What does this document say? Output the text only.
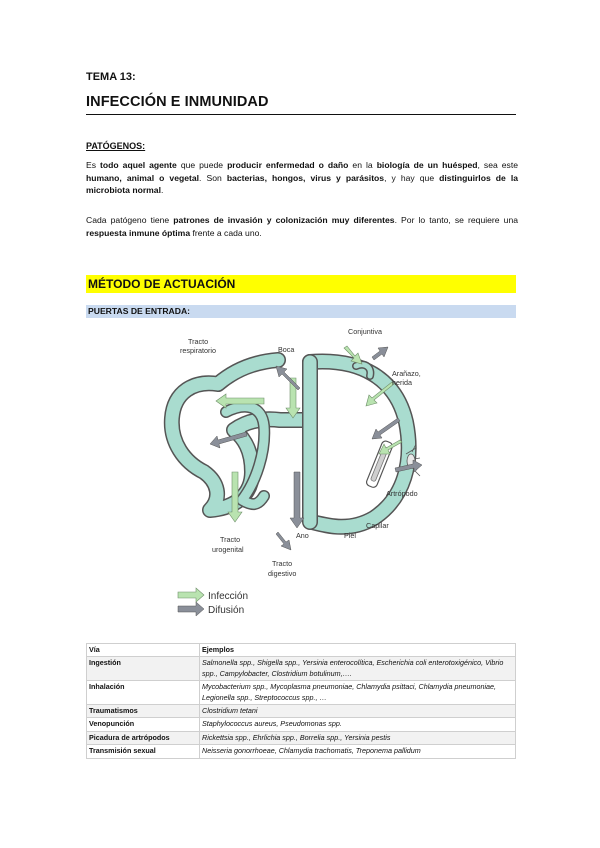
TEMA 13:
INFECCIÓN E INMUNIDAD
PATÓGENOS:
Es todo aquel agente que puede producir enfermedad o daño en la biología de un huésped, sea este humano, animal o vegetal. Son bacterias, hongos, virus y parásitos, y hay que distinguirlos de la microbiota normal.
Cada patógeno tiene patrones de invasión y colonización muy diferentes. Por lo tanto, se requiere una respuesta inmune óptima frente a cada uno.
MÉTODO DE ACTUACIÓN
PUERTAS DE ENTRADA:
Tracto
respiratorio	Boca
Conjuntiva
Arañazo,
herida
Artrópodo
Capilar
Piel
Ano
Tracto
urogenital
Tracto
digestivo
Infección
Difusión
Vía	Ejemplos
Ingestión	Salmonella spp., Shigella spp., Yersinia enterocolítica, Escherichia coli enterotoxigénico, Vibrio spp., Campylobacter, Clostridium botulinum,….
Inhalación	Mycobacterium spp., Mycoplasma pneumoniae, Chlamydia psittaci, Chlamydia pneumoniae, Legionella spp., Streptococcus spp., …
Traumatismos	Clostridium tetani
Venopunción	Staphylococcus aureus, Pseudomonas spp.
Picadura de artrópodos	Rickettsia spp., Ehrlichia spp., Borrelia spp., Yersinia pestis
Transmisión sexual	Neisseria gonorrhoeae, Chlamydia trachomatis, Treponema pallidum
